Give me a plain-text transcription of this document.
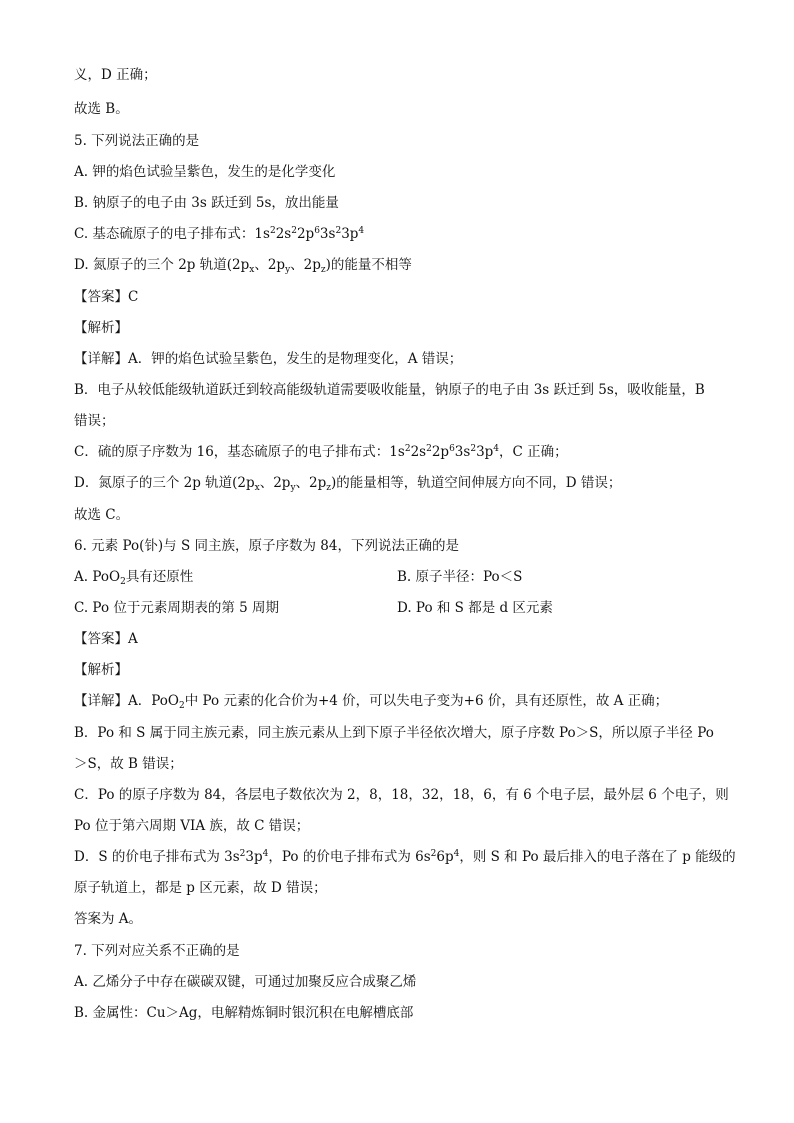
义，D 正确；
故选 B。
5. 下列说法正确的是
A. 钾的焰色试验呈紫色，发生的是化学变化
B. 钠原子的电子由 3s 跃迁到 5s，放出能量
C. 基态硫原子的电子排布式：$1s^22s^22p^63s^23p^4$
D. 氮原子的三个 2p 轨道($2p_x$、$2p_y$、$2p_z$)的能量不相等
【答案】C
【解析】
【详解】A．钾的焰色试验呈紫色，发生的是物理变化，A 错误；
B．电子从较低能级轨道跃迁到较高能级轨道需要吸收能量，钠原子的电子由 3s 跃迁到 5s，吸收能量，B
错误；
C．硫的原子序数为 16，基态硫原子的电子排布式：$1s^22s^22p^63s^23p^4$，C 正确；
D．氮原子的三个 2p 轨道($2p_x$、$2p_y$、$2p_z$)的能量相等，轨道空间伸展方向不同，D 错误；
故选 C。
6. 元素 Po(钋)与 S 同主族，原子序数为 84，下列说法正确的是
A. PoO$_2$具有还原性	B. 原子半径：Po＜S
C. Po 位于元素周期表的第 5 周期	D. Po 和 S 都是 d 区元素
【答案】A
【解析】
【详解】A．PoO$_2$中 Po 元素的化合价为+4 价，可以失电子变为+6 价，具有还原性，故 A 正确；
B．Po 和 S 属于同主族元素，同主族元素从上到下原子半径依次增大，原子序数 Po＞S，所以原子半径 Po
＞S，故 B 错误；
C．Po 的原子序数为 84，各层电子数依次为 2，8，18，32，18，6，有 6 个电子层，最外层 6 个电子，则
Po 位于第六周期 VIA 族，故 C 错误；
D．S 的价电子排布式为 $3s^23p^4$，Po 的价电子排布式为 $6s^26p^4$，则 S 和 Po 最后排入的电子落在了 p 能级的
原子轨道上，都是 p 区元素，故 D 错误；
答案为 A。
7. 下列对应关系不正确的是
A. 乙烯分子中存在碳碳双键，可通过加聚反应合成聚乙烯
B. 金属性：Cu＞Ag，电解精炼铜时银沉积在电解槽底部
